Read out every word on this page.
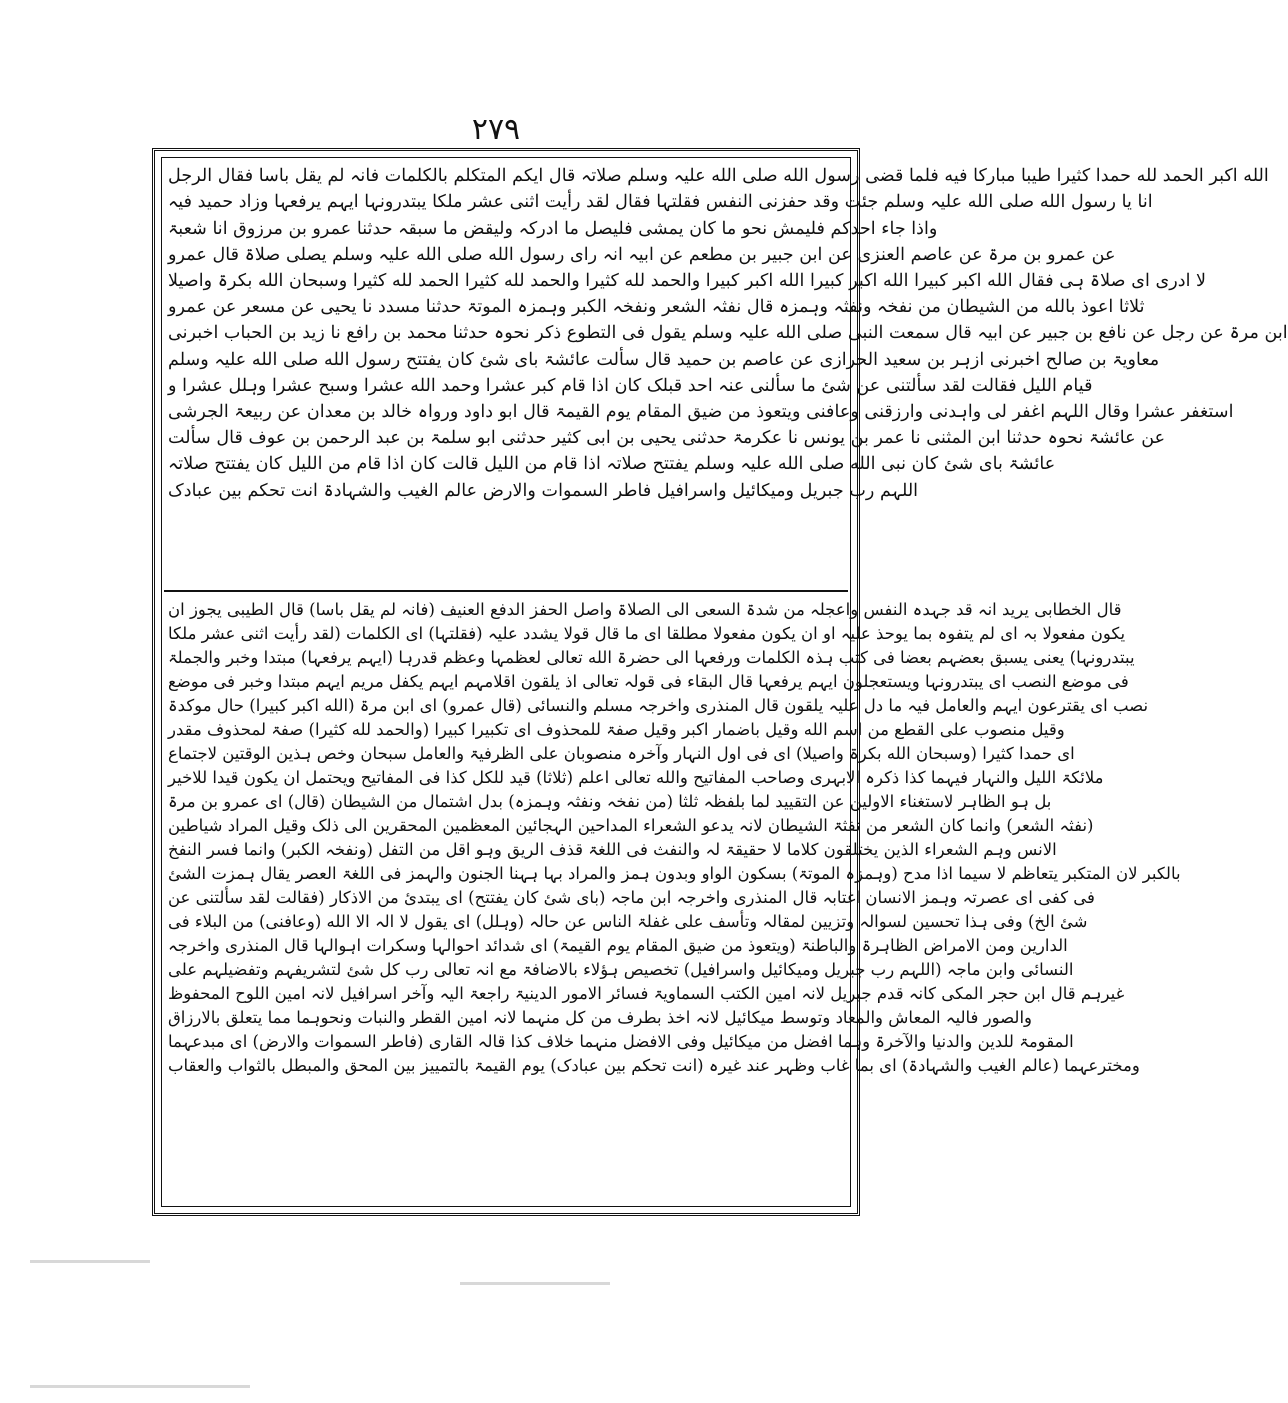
۲۷۹
الله اکبر الحمد لله حمدا کثیرا طیبا مبارکا فیه فلما قضی رسول الله صلی الله علیہ وسلم صلاتہ قال ایکم المتکلم بالکلمات فانہ لم یقل باسا فقال الرجل
انا یا رسول الله صلی الله علیہ وسلم جئت وقد حفزنی النفس فقلتہا فقال لقد رأیت اثنی عشر ملکا یبتدرونہا ایہم یرفعہا وزاد حمید فیہ
واذا جاء احدکم فلیمش نحو ما کان یمشی فلیصل ما ادرکہ ولیقض ما سبقہ حدثنا عمرو بن مرزوق انا شعبۃ
عن عمرو بن مرۃ عن عاصم العنزی عن ابن جبیر بن مطعم عن ابیہ انہ رای رسول الله صلی الله علیہ وسلم یصلی صلاۃ قال عمرو
لا ادری ای صلاۃ ہی فقال الله اکبر کبیرا الله اکبر کبیرا الله اکبر کبیرا والحمد لله کثیرا والحمد لله کثیرا الحمد لله کثیرا وسبحان الله بکرۃ واصیلا
ثلاثا اعوذ بالله من الشیطان من نفخہ ونفثہ وہمزہ قال نفثہ الشعر ونفخہ الکبر وہمزہ الموتۃ حدثنا مسدد نا یحیی عن مسعر عن عمرو
ابن مرۃ عن رجل عن نافع بن جبیر عن ابیہ قال سمعت النبی صلی الله علیہ وسلم یقول فی التطوع ذکر نحوہ حدثنا محمد بن رافع نا زید بن الحباب اخبرنی
معاویۃ بن صالح اخبرنی ازہر بن سعید الحرازی عن عاصم بن حمید قال سألت عائشۃ بای شئ کان یفتتح رسول الله صلی الله علیہ وسلم
قیام اللیل فقالت لقد سألتنی عن شئ ما سألنی عنہ احد قبلک کان اذا قام کبر عشرا وحمد الله عشرا وسبح عشرا وہلل عشرا و
استغفر عشرا وقال اللہم اغفر لی واہدنی وارزقنی وعافنی ویتعوذ من ضیق المقام یوم القیمۃ قال ابو داود ورواہ خالد بن معدان عن ربیعۃ الجرشی
عن عائشۃ نحوہ حدثنا ابن المثنی نا عمر بن یونس نا عکرمۃ حدثنی یحیی بن ابی کثیر حدثنی ابو سلمۃ بن عبد الرحمن بن عوف قال سألت
عائشۃ بای شئ کان نبی الله صلی الله علیہ وسلم یفتتح صلاتہ اذا قام من اللیل قالت کان اذا قام من اللیل کان یفتتح صلاتہ
اللہم رب جبریل ومیکائیل واسرافیل فاطر السموات والارض عالم الغیب والشہادۃ انت تحکم بین عبادک
قال الخطابی یرید انہ قد جہدہ النفس واعجلہ من شدۃ السعی الی الصلاۃ واصل الحفز الدفع العنیف (فانہ لم یقل باسا) قال الطیبی یجوز ان
یکون مفعولا بہ ای لم یتفوہ بما یوحذ علیہ او ان یکون مفعولا مطلقا ای ما قال قولا یشدد علیہ (فقلتہا) ای الکلمات (لقد رأیت اثنی عشر ملکا
یبتدرونہا) یعنی یسبق بعضہم بعضا فی کتب ہذہ الکلمات ورفعہا الی حضرۃ الله تعالی لعظمہا وعظم قدرہا (ایہم یرفعہا) مبتدا وخبر والجملۃ
فی موضع النصب ای یبتدرونہا ویستعجلون ایہم یرفعہا قال البقاء فی قولہ تعالی اذ یلقون اقلامہم ایہم یکفل مریم ایہم مبتدا وخبر فی موضع
نصب ای یقترعون ایہم والعامل فیہ ما دل علیہ یلقون قال المنذری واخرجہ مسلم والنسائی (قال عمرو) ای ابن مرۃ (الله اکبر کبیرا) حال موکدۃ
وقیل منصوب علی القطع من اسم الله وقیل باضمار اکبر وقیل صفۃ للمحذوف ای تکبیرا کبیرا (والحمد لله کثیرا) صفۃ لمحذوف مقدر
ای حمدا کثیرا (وسبحان الله بکرۃ واصیلا) ای فی اول النہار وآخرہ منصوبان علی الظرفیۃ والعامل سبحان وخص ہذین الوقتین لاجتماع
ملائکۃ اللیل والنہار فیہما کذا ذکرہ الابہری وصاحب المفاتیح والله تعالی اعلم (ثلاثا) قید للکل کذا فی المفاتیح ویحتمل ان یکون قیدا للاخیر
بل ہو الظاہر لاستغناء الاولین عن التقیید لما بلفظہ ثلثا (من نفخہ ونفثہ وہمزہ) بدل اشتمال من الشیطان (قال) ای عمرو بن مرۃ
(نفثہ الشعر) وانما کان الشعر من نفثۃ الشیطان لانہ یدعو الشعراء المداحین الہجائین المعظمین المحقرین الی ذلک وقیل المراد شیاطین
الانس وہم الشعراء الذین یختلقون کلاما لا حقیقۃ لہ والنفث فی اللغۃ قذف الریق وہو اقل من التفل (ونفخہ الکبر) وانما فسر النفخ
بالکبر لان المتکبر یتعاظم لا سیما اذا مدح (وہمزہ الموتۃ) بسکون الواو وبدون ہمز والمراد بہا ہہنا الجنون والہمز فی اللغۃ العصر یقال ہمزت الشئ
فی کفی ای عصرتہ وہمز الانسان اغتابہ قال المنذری واخرجہ ابن ماجہ (بای شئ کان یفتتح) ای یبتدئ من الاذکار (فقالت لقد سألتنی عن
شئ الخ) وفی ہذا تحسین لسوالہ وتزیین لمقالہ وتأسف علی غفلۃ الناس عن حالہ (وہلل) ای یقول لا الہ الا الله (وعافنی) من البلاء فی
الدارین ومن الامراض الظاہرۃ والباطنۃ (ویتعوذ من ضیق المقام یوم القیمۃ) ای شدائد احوالہا وسکرات اہوالہا قال المنذری واخرجہ
النسائی وابن ماجہ (اللہم رب جبریل ومیکائیل واسرافیل) تخصیص ہؤلاء بالاضافۃ مع انہ تعالی رب کل شئ لتشریفہم وتفضیلہم علی
غیرہم قال ابن حجر المکی کانہ قدم جبریل لانہ امین الکتب السماویۃ فسائر الامور الدینیۃ راجعۃ الیہ وآخر اسرافیل لانہ امین اللوح المحفوظ
والصور فالیہ المعاش والمعاد وتوسط میکائیل لانہ اخذ بطرف من کل منہما لانہ امین القطر والنبات ونحوہما مما یتعلق بالارزاق
المقومۃ للدین والدنیا والآخرۃ وہما افضل من میکائیل وفی الافضل منہما خلاف کذا قالہ القاری (فاطر السموات والارض) ای مبدعہما
ومخترعہما (عالم الغیب والشہادۃ) ای بما غاب وظہر عند غیرہ (انت تحکم بین عبادک) یوم القیمۃ بالتمییز بین المحق والمبطل بالثواب والعقاب
